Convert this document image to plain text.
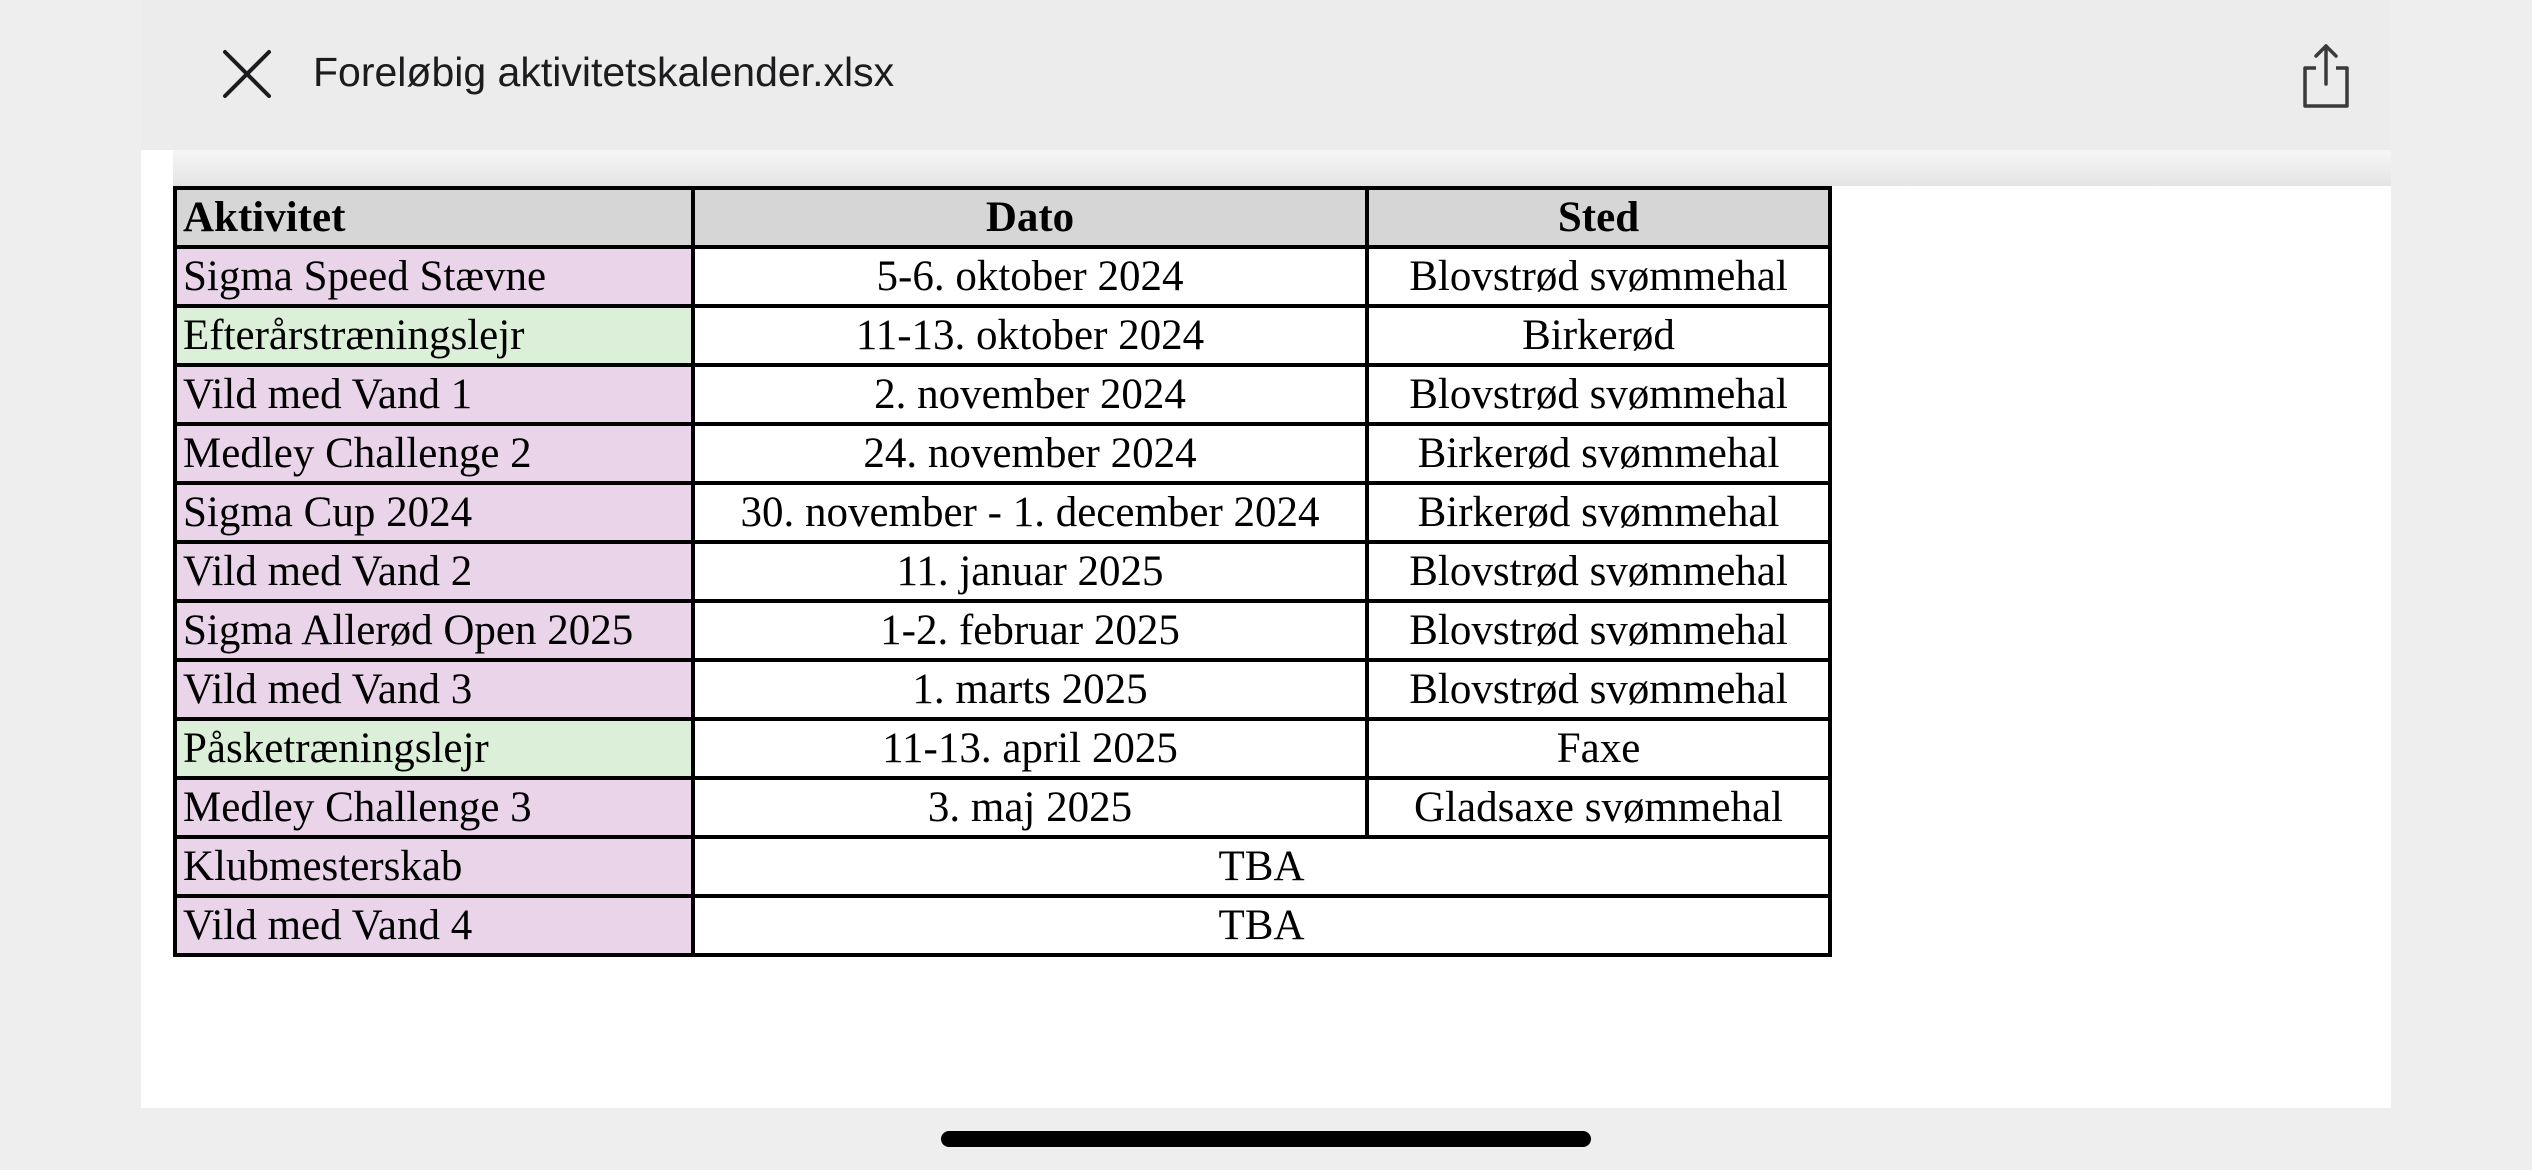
Foreløbig aktivitetskalender.xlsx
Aktivitet	Dato	Sted
Sigma Speed Stævne	5-6. oktober 2024	Blovstrød svømmehal
Efterårstræningslejr	11-13. oktober 2024	Birkerød
Vild med Vand 1	2. november 2024	Blovstrød svømmehal
Medley Challenge 2	24. november 2024	Birkerød svømmehal
Sigma Cup 2024	30. november - 1. december 2024	Birkerød svømmehal
Vild med Vand 2	11. januar 2025	Blovstrød svømmehal
Sigma Allerød Open 2025	1-2. februar 2025	Blovstrød svømmehal
Vild med Vand 3	1. marts 2025	Blovstrød svømmehal
Påsketræningslejr	11-13. april 2025	Faxe
Medley Challenge 3	3. maj 2025	Gladsaxe svømmehal
Klubmesterskab	TBA	
Vild med Vand 4	TBA	
